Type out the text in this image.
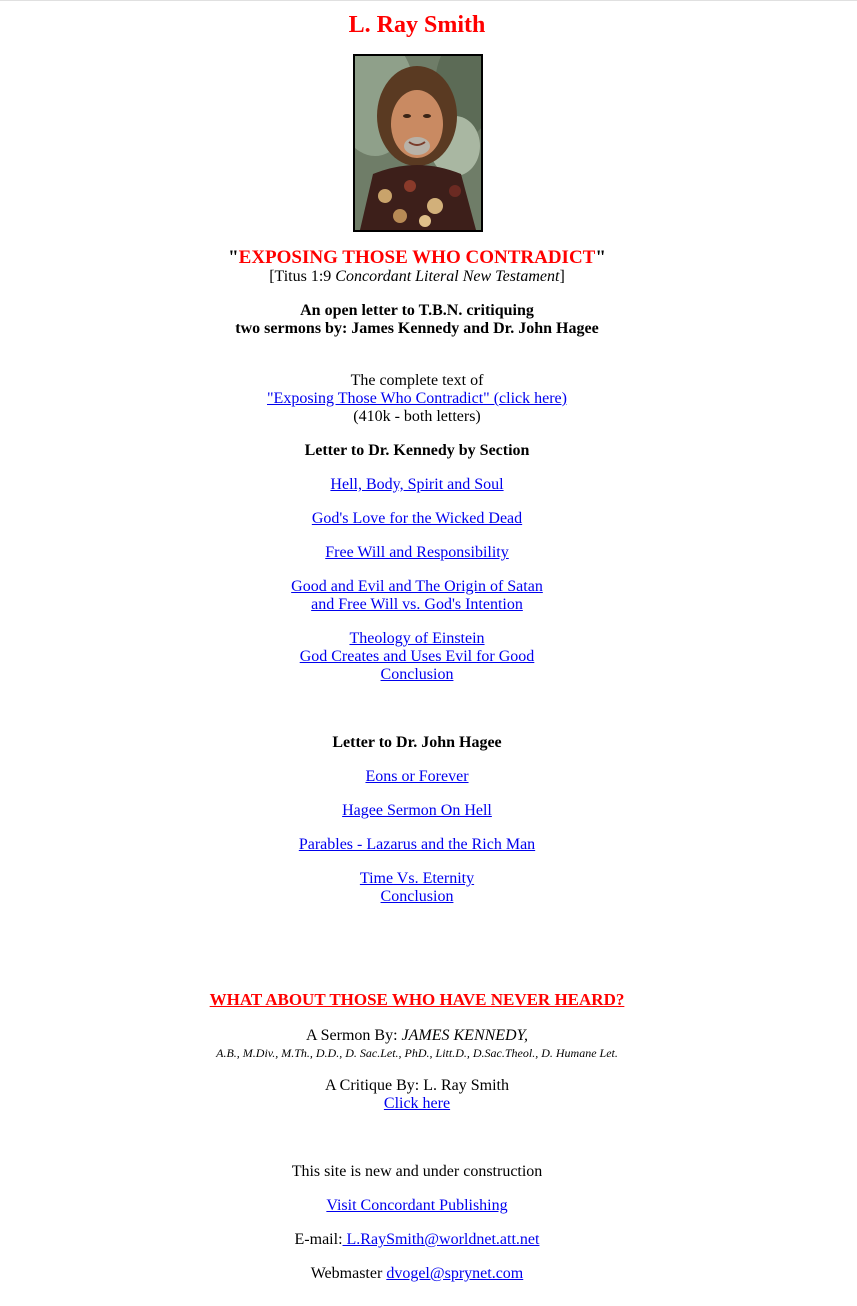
L. Ray Smith
"EXPOSING THOSE WHO CONTRADICT"
[Titus 1:9 Concordant Literal New Testament]
An open letter to T.B.N. critiquing
two sermons by: James Kennedy and Dr. John Hagee
The complete text of
"Exposing Those Who Contradict" (click here)
(410k - both letters)
Letter to Dr. Kennedy by Section
Hell, Body, Spirit and Soul
God's Love for the Wicked Dead
Free Will and Responsibility
Good and Evil and The Origin of Satan
and Free Will vs. God's Intention
Theology of Einstein
God Creates and Uses Evil for Good
Conclusion
Letter to Dr. John Hagee
Eons or Forever
Hagee Sermon On Hell
Parables - Lazarus and the Rich Man
Time Vs. Eternity
Conclusion
WHAT ABOUT THOSE WHO HAVE NEVER HEARD?
A Sermon By: JAMES KENNEDY,
A.B., M.Div., M.Th., D.D., D. Sac.Let., PhD., Litt.D., D.Sac.Theol., D. Humane Let.
A Critique By: L. Ray Smith
Click here
This site is new and under construction
Visit Concordant Publishing
E-mail: L.RaySmith@worldnet.att.net
Webmaster dvogel@sprynet.com
